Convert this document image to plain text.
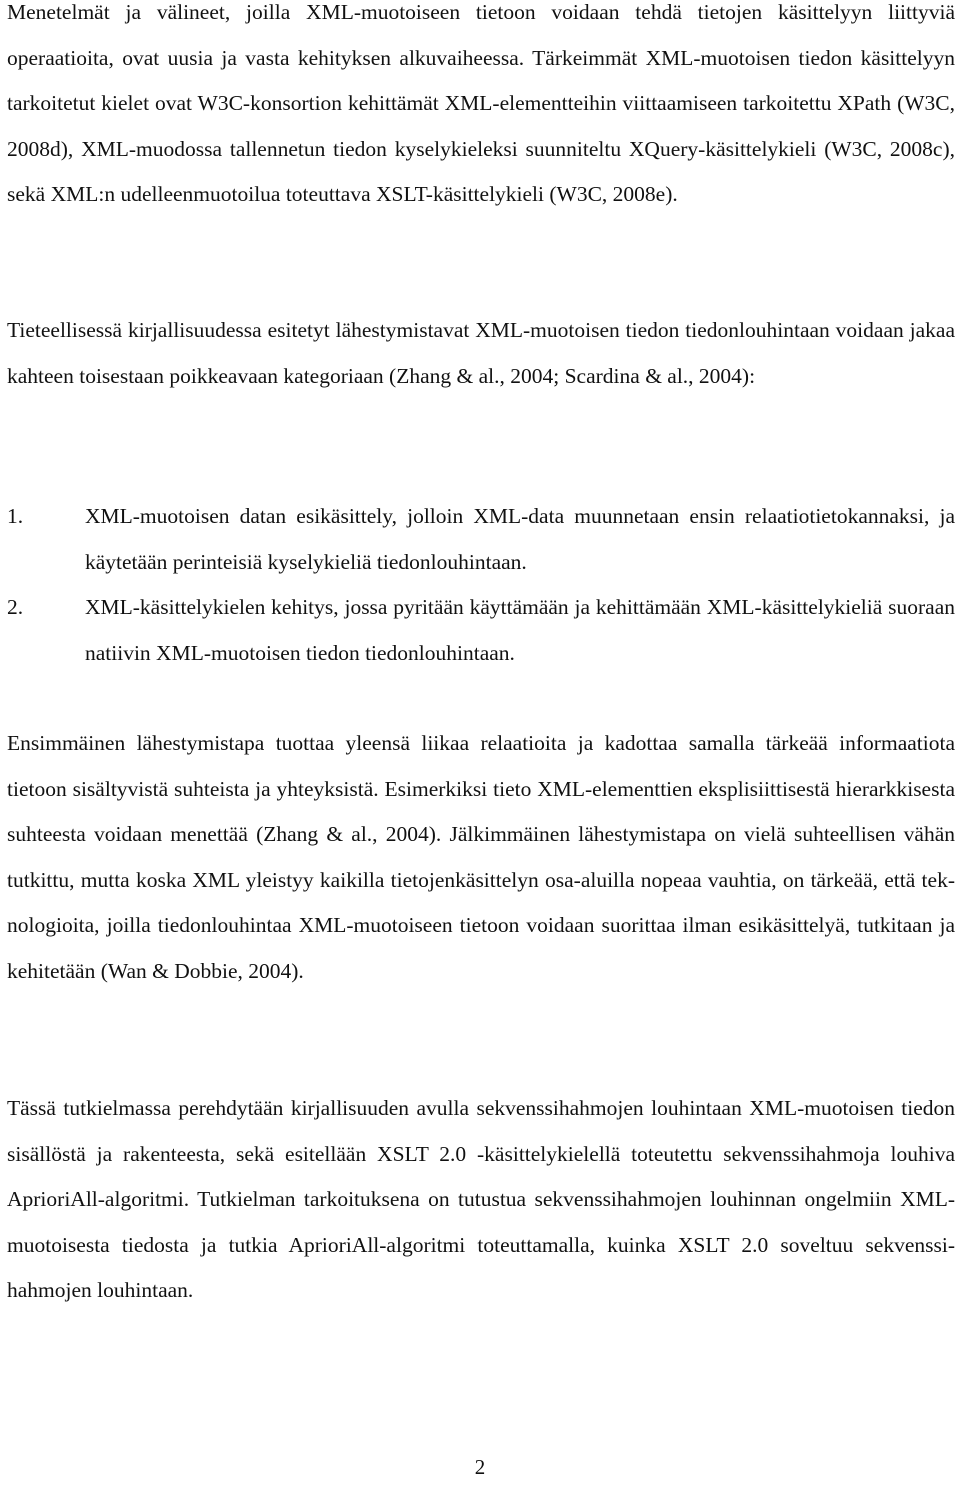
Menetelmät ja välineet, joilla XML-muotoiseen tietoon voidaan tehdä tietojen käsittelyyn liittyviä operaatioita, ovat uusia ja vasta kehityksen alkuvaiheessa. Tärkeimmät XML-muotoisen tiedon käsittelyyn tarkoitetut kielet ovat W3C-konsortion kehittämät XML-elementteihin viittaamiseen tarkoitettu XPath (W3C, 2008d), XML-muodossa tallennetun tiedon kyselykieleksi suunniteltu XQuery-käsittelykieli (W3C, 2008c), sekä XML:n udelleenmuotoilua toteuttava XSLT-käsittelykieli (W3C, 2008e).

Tieteellisessä kirjallisuudessa esitetyt lähestymistavat XML-muotoisen tiedon tiedonlouhintaan voidaan jakaa kahteen toisestaan poikkeavaan kategoriaan (Zhang & al., 2004; Scardina & al., 2004):

1.	XML-muotoisen datan esikäsittely, jolloin XML-data muunnetaan ensin relaatiotietokannaksi, ja käytetään perinteisiä kyselykieliä tiedonlouhintaan.
2.	XML-käsittelykielen kehitys, jossa pyritään käyttämään ja kehittämään XML-käsittelykieliä suoraan natiivin XML-muotoisen tiedon tiedonlouhintaan.

Ensimmäinen lähestymistapa tuottaa yleensä liikaa relaatioita ja kadottaa samalla tärkeää informaatiota tietoon sisältyvistä suhteista ja yhteyksistä. Esimerkiksi tieto XML-elementtien eksplisiittisestä hierarkkisesta suhteesta voidaan menettää (Zhang & al., 2004). Jälkimmäinen lähestymistapa on vielä suhteellisen vähän tutkittu, mutta koska XML yleistyy kaikilla tietojenkäsittelyn osa-aluilla nopeaa vauhtia, on tärkeää, että teknologioita, joilla tiedonlouhintaa XML-muotoiseen tietoon voidaan suorittaa ilman esikäsittelyä, tutkitaan ja kehitetään (Wan & Dobbie, 2004).

Tässä tutkielmassa perehdytään kirjallisuuden avulla sekvenssihahmojen louhintaan XML-muotoisen tiedon sisällöstä ja rakenteesta, sekä esitellään XSLT 2.0 -käsittelykielellä toteutettu sekvenssihahmoja louhiva AprioriAll-algoritmi. Tutkielman tarkoituksena on tutustua sekvenssihahmojen louhinnan ongelmiin XML-muotoisesta tiedosta ja tutkia AprioriAll-algoritmi toteuttamalla, kuinka XSLT 2.0 soveltuu sekvenssihahmojen louhintaan.

2
